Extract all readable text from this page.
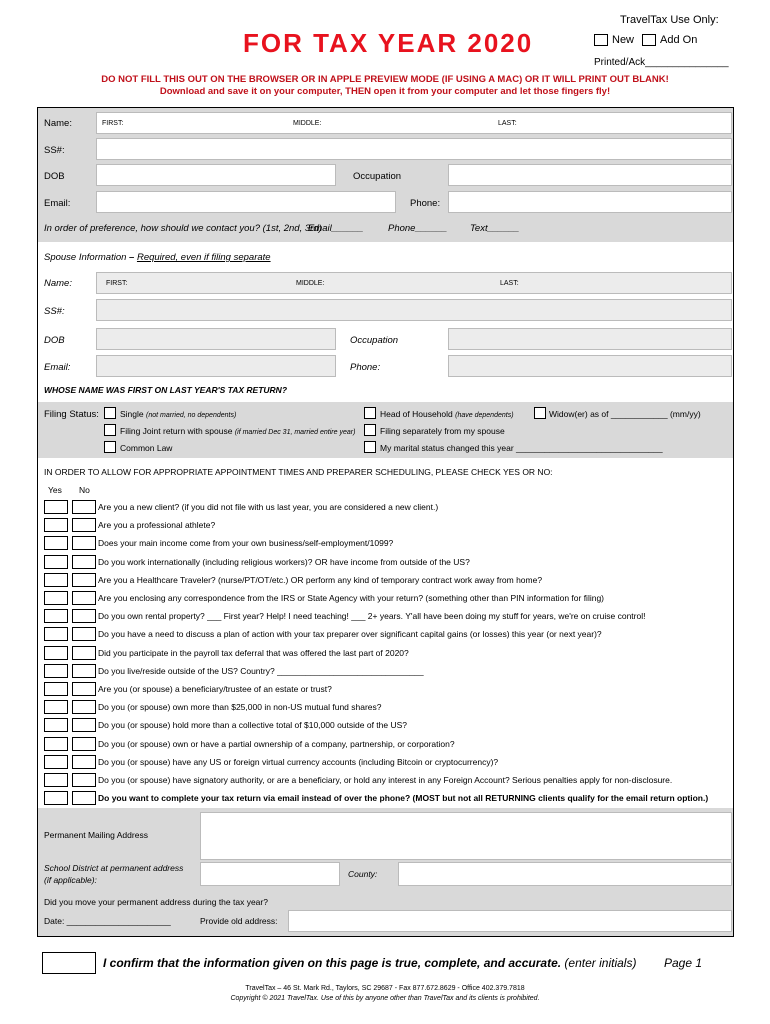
FOR TAX YEAR 2020
TravelTax Use Only:
New Add On
Printed/Ack_______________
DO NOT FILL THIS OUT ON THE BROWSER OR IN APPLE PREVIEW MODE (IF USING A MAC) OR IT WILL PRINT OUT BLANK!
Download and save it on your computer, THEN open it from your computer and let those fingers fly!
Name:	FIRST:	MIDDLE:	LAST:
SS#:
DOB	Occupation
Email:	Phone:
In order of preference, how should we contact you? (1st, 2nd, 3rd)
Email______	Phone______ Text______
Spouse Information – Required, even if filing separate
Name:	FIRST:	MIDDLE:	LAST:
SS#:
DOB	Occupation
Email:	Phone:
WHOSE NAME WAS FIRST ON LAST YEAR'S TAX RETURN?
Filing Status: Single (not married, no dependents)	Head of Household (have dependents)	Widow(er) as of ____________ (mm/yy)
Filing Joint return with spouse (if married Dec 31, married entire year)	Filing separately from my spouse
Common Law	My marital status changed this year _______________________________
IN ORDER TO ALLOW FOR APPROPRIATE APPOINTMENT TIMES AND PREPARER SCHEDULING, PLEASE CHECK YES OR NO:
Yes No
Are you a new client? (if you did not file with us last year, you are considered a new client.)
Are you a professional athlete?
Does your main income come from your own business/self-employment/1099?
Do you work internationally (including religious workers)? OR have income from outside of the US?
Are you a Healthcare Traveler? (nurse/PT/OT/etc.) OR perform any kind of temporary contract work away from home?
Are you enclosing any correspondence from the IRS or State Agency with your return? (something other than PIN information for filing)
Do you own rental property? ___ First year? Help! I need teaching! ___ 2+ years. Y'all have been doing my stuff for years, we're on cruise control!
Do you have a need to discuss a plan of action with your tax preparer over significant capital gains (or losses) this year (or next year)?
Did you participate in the payroll tax deferral that was offered the last part of 2020?
Do you live/reside outside of the US? Country? _______________________________
Are you (or spouse) a beneficiary/trustee of an estate or trust?
Do you (or spouse) own more than $25,000 in non-US mutual fund shares?
Do you (or spouse) hold more than a collective total of $10,000 outside of the US?
Do you (or spouse) own or have a partial ownership of a company, partnership, or corporation?
Do you (or spouse) have any US or foreign virtual currency accounts (including Bitcoin or cryptocurrency)?
Do you (or spouse) have signatory authority, or are a beneficiary, or hold any interest in any Foreign Account? Serious penalties apply for non-disclosure.
Do you want to complete your tax return via email instead of over the phone? (MOST but not all RETURNING clients qualify for the email return option.)
Permanent Mailing Address
School District at permanent address
(if applicable):
County:
Did you move your permanent address during the tax year?
Date: ______________________	Provide old address:
I confirm that the information given on this page is true, complete, and accurate. (enter initials) Page 1
TravelTax – 46 St. Mark Rd., Taylors, SC 29687 - Fax 877.672.8629 - Office 402.379.7818
Copyright © 2021 TravelTax. Use of this by anyone other than TravelTax and its clients is prohibited.
